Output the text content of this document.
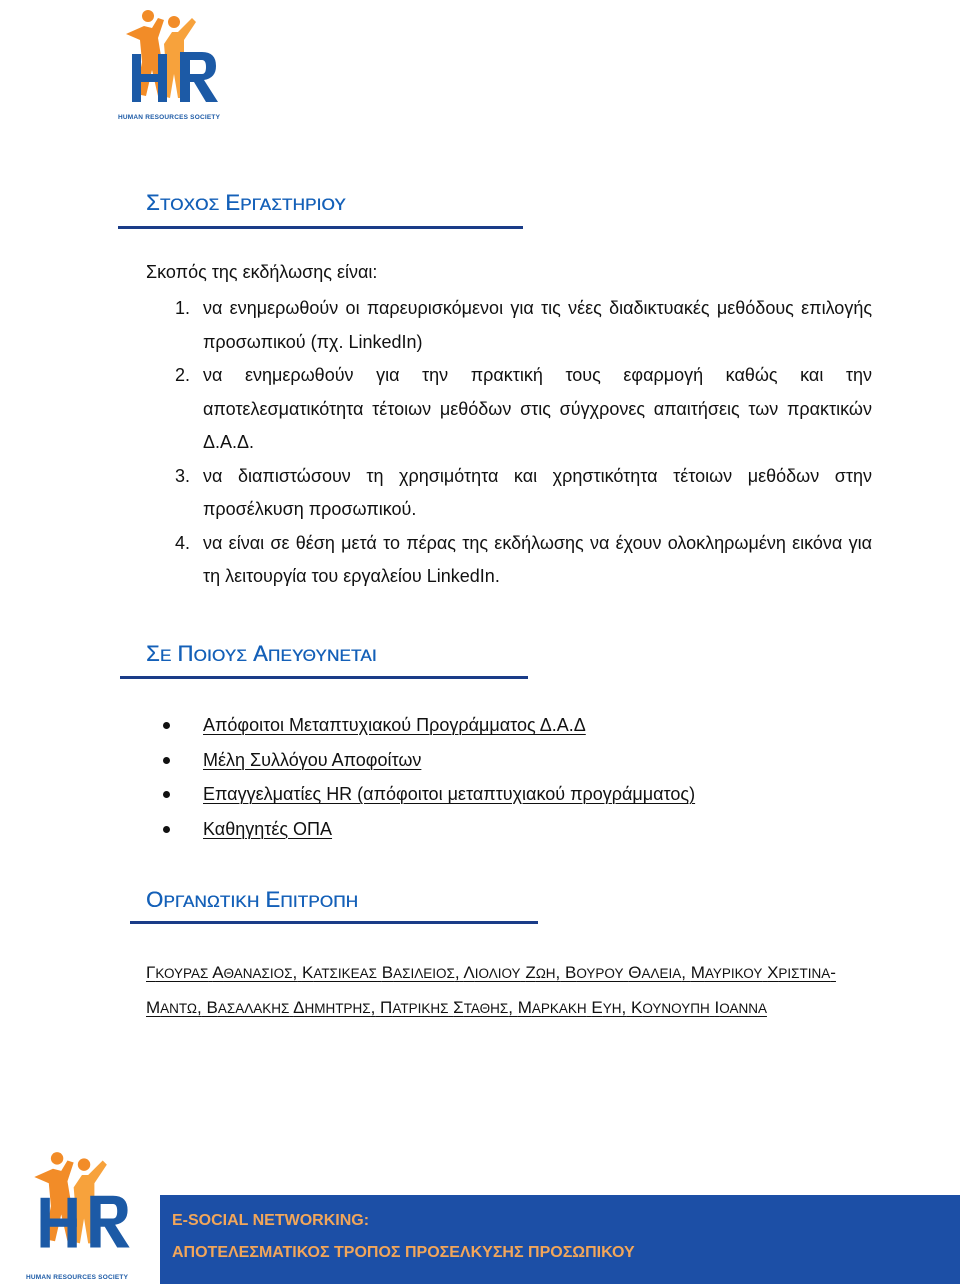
HUMAN RESOURCES SOCIETY
ΣΤΟΧΟΣ ΕΡΓΑΣΤΗΡΙΟΥ
Σκοπός της εκδήλωσης είναι:
1. να ενημερωθούν οι παρευρισκόμενοι για τις νέες διαδικτυακές μεθόδους επιλογής προσωπικού (πχ. LinkedIn)
2. να ενημερωθούν για την πρακτική τους εφαρμογή καθώς και την αποτελεσματικότητα τέτοιων μεθόδων στις σύγχρονες απαιτήσεις των πρακτικών Δ.Α.Δ.
3. να διαπιστώσουν τη χρησιμότητα και χρηστικότητα τέτοιων μεθόδων στην προσέλκυση προσωπικού.
4. να είναι σε θέση μετά το πέρας της εκδήλωσης να έχουν ολοκληρωμένη εικόνα για τη λειτουργία του εργαλείου LinkedIn.
ΣΕ ΠΟΙΟΥΣ ΑΠΕΥΘΥΝΕΤΑΙ
Απόφοιτοι Μεταπτυχιακού Προγράμματος Δ.Α.Δ
Μέλη Συλλόγου Αποφοίτων
Επαγγελματίες HR (απόφοιτοι μεταπτυχιακού προγράμματος)
Καθηγητές ΟΠΑ
ΟΡΓΑΝΩΤΙΚΗ ΕΠΙΤΡΟΠΗ
ΓΚΟΥΡΑΣ ΑΘΑΝΑΣΙΟΣ, ΚΑΤΣΙΚΕΑΣ ΒΑΣΙΛΕΙΟΣ, ΛΙΟΛΙΟΥ ΖΩΗ, ΒΟΥΡΟΥ ΘΑΛΕΙΑ, ΜΑΥΡΙΚΟΥ ΧΡΙΣΤΙΝΑ-ΜΑΝΤΩ, ΒΑΣΑΛΑΚΗΣ ΔΗΜΗΤΡΗΣ, ΠΑΤΡΙΚΗΣ ΣΤΑΘΗΣ, ΜΑΡΚΑΚΗ ΕΥΗ, ΚΟΥΝΟΥΠΗ ΙΟΑΝΝΑ
HUMAN RESOURCES SOCIETY
E-SOCIAL NETWORKING:
ΑΠΟΤΕΛΕΣΜΑΤΙΚΟΣ ΤΡΟΠΟΣ ΠΡΟΣΕΛΚΥΣΗΣ ΠΡΟΣΩΠΙΚΟΥ
